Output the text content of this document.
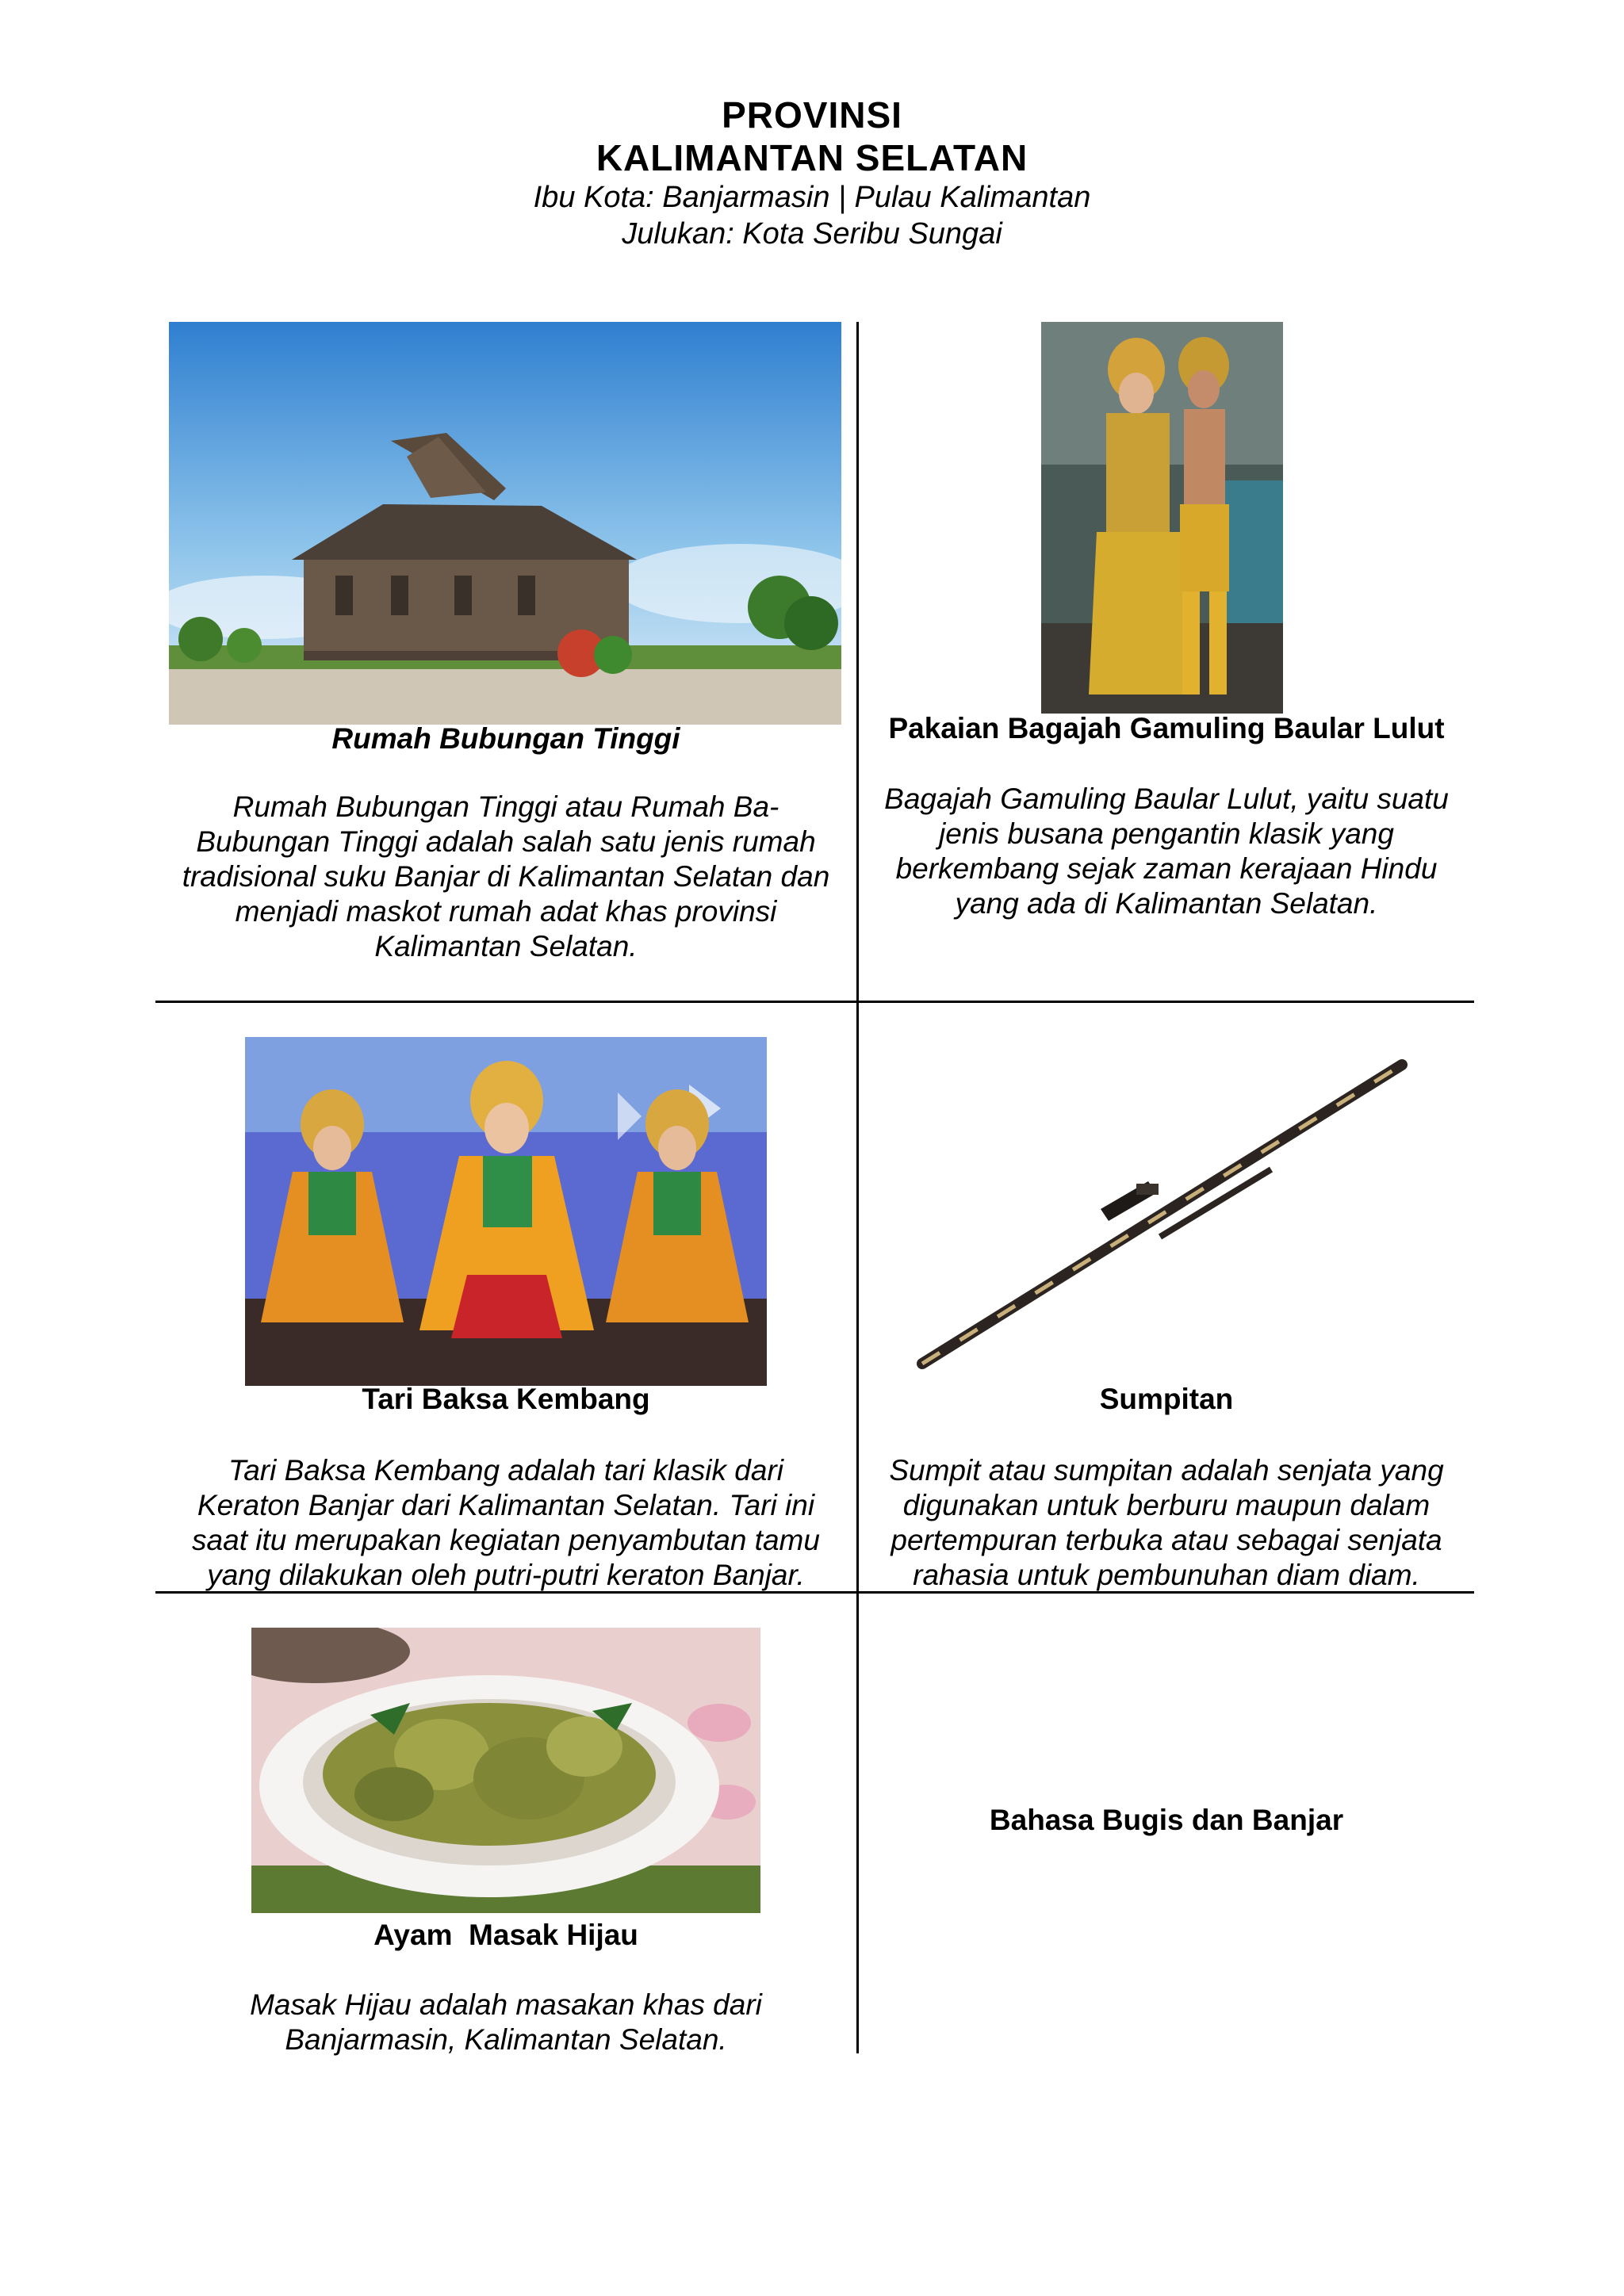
PROVINSI
KALIMANTAN SELATAN
Ibu Kota: Banjarmasin | Pulau Kalimantan
Julukan: Kota Seribu Sungai
Rumah Bubungan Tinggi
Rumah Bubungan Tinggi atau Rumah Ba-
Bubungan Tinggi adalah salah satu jenis rumah
tradisional suku Banjar di Kalimantan Selatan dan
menjadi maskot rumah adat khas provinsi
Kalimantan Selatan.
Pakaian Bagajah Gamuling Baular Lulut
Bagajah Gamuling Baular Lulut, yaitu suatu
jenis busana pengantin klasik yang
berkembang sejak zaman kerajaan Hindu
yang ada di Kalimantan Selatan.
Tari Baksa Kembang
Tari Baksa Kembang adalah tari klasik dari
Keraton Banjar dari Kalimantan Selatan. Tari ini
saat itu merupakan kegiatan penyambutan tamu
yang dilakukan oleh putri-putri keraton Banjar.
Sumpitan
Sumpit atau sumpitan adalah senjata yang
digunakan untuk berburu maupun dalam
pertempuran terbuka atau sebagai senjata
rahasia untuk pembunuhan diam diam.
Ayam  Masak Hijau
Masak Hijau adalah masakan khas dari
Banjarmasin, Kalimantan Selatan.
Bahasa Bugis dan Banjar
